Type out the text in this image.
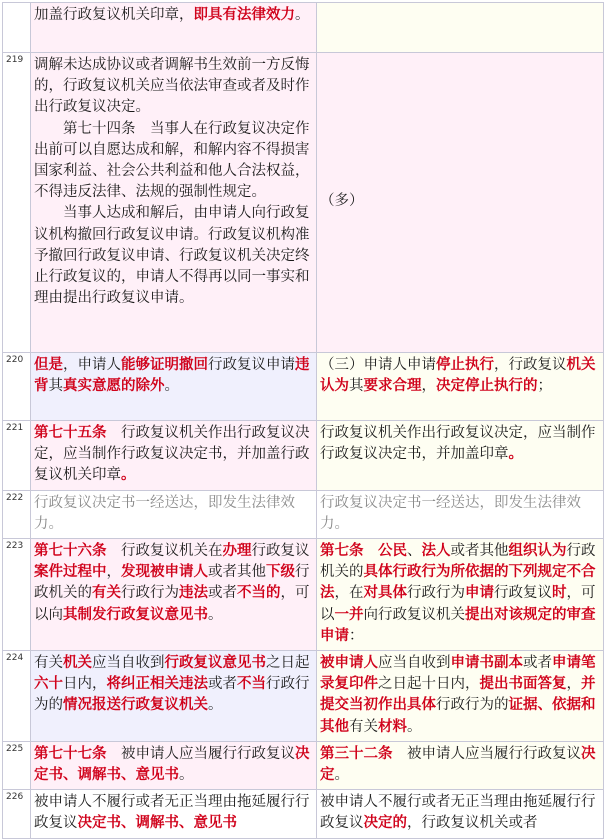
	加盖行政复议机关印章，即具有法律效力。	

219	调解未达成协议或者调解书生效前一方反悔的，行政复议机关应当依法审查或者及时作出行政复议决定。
第七十四条　当事人在行政复议决定作出前可以自愿达成和解，和解内容不得损害国家利益、社会公共利益和他人合法权益，不得违反法律、法规的强制性规定。
当事人达成和解后，由申请人向行政复议机构撤回行政复议申请。行政复议机构准予撤回行政复议申请、行政复议机关决定终止行政复议的，申请人不得再以同一事实和理由提出行政复议申请。	（多）

220	但是，申请人能够证明撤回行政复议申请违背其真实意愿的除外。	（三）申请人申请停止执行，行政复议机关认为其要求合理，决定停止执行的；

221	第七十五条　行政复议机关作出行政复议决定，应当制作行政复议决定书，并加盖行政复议机关印章。	行政复议机关作出行政复议决定，应当制作行政复议决定书，并加盖印章。

222	行政复议决定书一经送达，即发生法律效力。	行政复议决定书一经送达，即发生法律效力。

223	第七十六条　行政复议机关在办理行政复议案件过程中，发现被申请人或者其他下级行政机关的有关行政行为违法或者不当的，可以向其制发行政复议意见书。	第七条　 公民、法人或者其他组织认为行政机关的具体行政行为所依据的下列规定不合法，在对具体行政行为申请行政复议时，可以一并向行政复议机关提出对该规定的审查申请：

224	有关机关应当自收到行政复议意见书之日起六十日内，将纠正相关违法或者不当行政行为的情况报送行政复议机关。	被申请人应当自收到申请书副本或者申请笔录复印件之日起十日内，提出书面答复，并提交当初作出具体行政行为的证据、依据和其他有关材料。

225	第七十七条　被申请人应当履行行政复议决定书、调解书、意见书。	第三十二条　被申请人应当履行行政复议决定。

226	被申请人不履行或者无正当理由拖延履行行政复议决定书、调解书、意见书	被申请人不履行或者无正当理由拖延履行行政复议决定的，行政复议机关或者
